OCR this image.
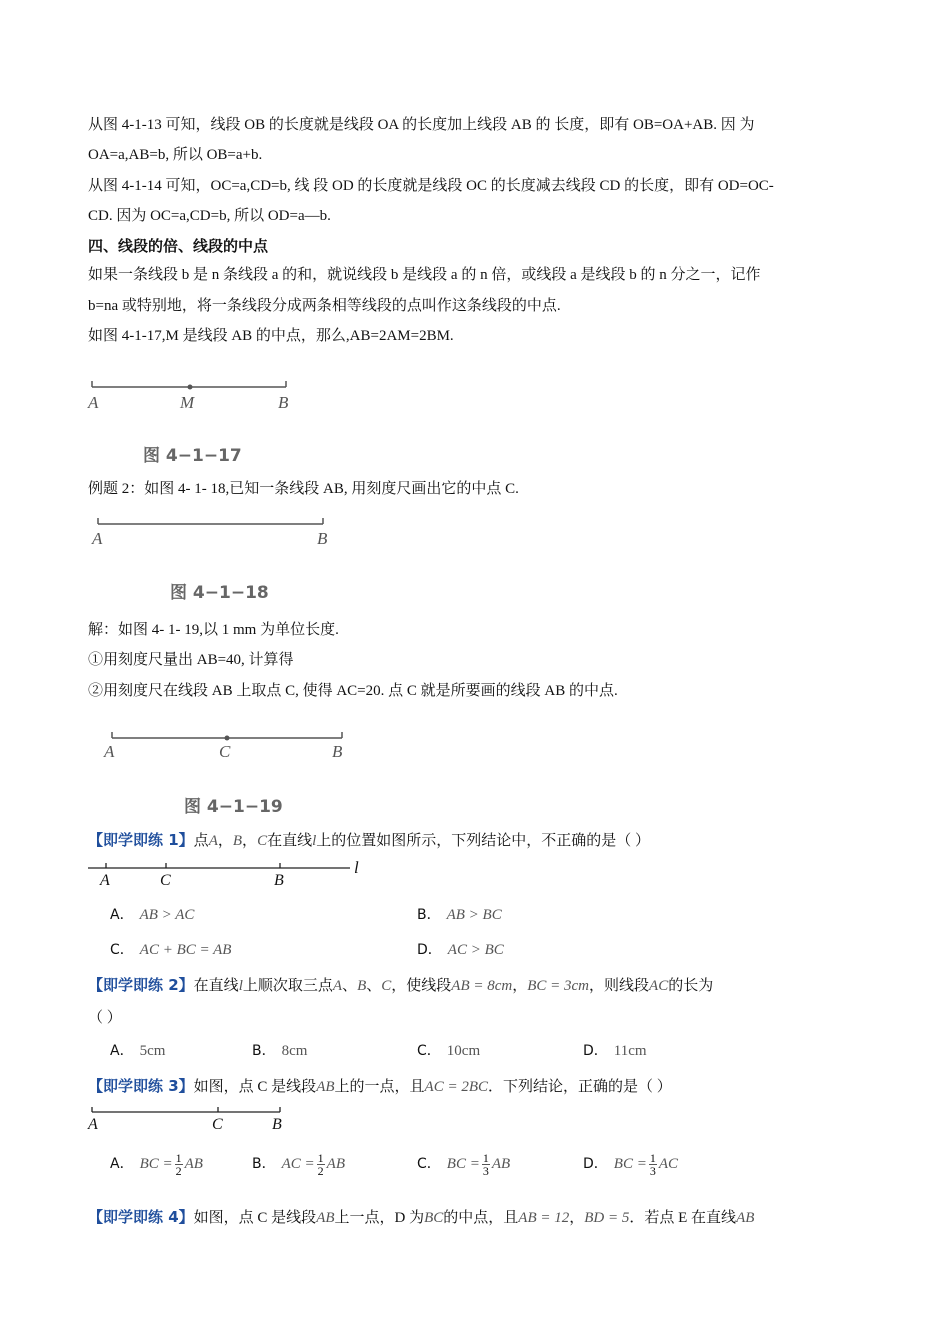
从图 4-1-13 可知，线段 OB 的长度就是线段 OA 的长度加上线段 AB 的 长度，即有 OB=OA+AB. 因 为
OA=a,AB=b, 所以 OB=a+b.
从图 4-1-14 可知，OC=a,CD=b, 线 段 OD 的长度就是线段 OC 的长度减去线段 CD 的长度，即有 OD=OC-
CD. 因为 OC=a,CD=b, 所以 OD=a—b.
四、线段的倍、线段的中点
如果一条线段 b 是 n 条线段 a 的和，就说线段 b 是线段 a 的 n 倍，或线段 a 是线段 b 的 n 分之一，记作
b=na 或特别地，将一条线段分成两条相等线段的点叫作这条线段的中点.
如图 4-1-17,M 是线段 AB 的中点，那么,AB=2AM=2BM.
A	M	B
图 4−1−17
例题 2：如图 4- 1- 18,已知一条线段 AB, 用刻度尺画出它的中点 C.
A	B
图 4−1−18
解：如图 4- 1- 19,以 1 mm 为单位长度.
①用刻度尺量出 AB=40, 计算得
②用刻度尺在线段 AB 上取点 C, 使得 AC=20. 点 C 就是所要画的线段 AB 的中点.
A	C	B
图 4−1−19
【即学即练 1】点A，B，C在直线l上的位置如图所示，下列结论中，不正确的是（ ）
A	C	B
l
A． AB > AC	B． AB > BC
C． AC + BC = AB	D． AC > BC
【即学即练 2】在直线l上顺次取三点A、B、C，使线段AB = 8cm，BC = 3cm，则线段AC的长为
（ ）
A． 5cm	B． 8cm	C． 10cm	D． 11cm
【即学即练 3】如图，点 C 是线段AB上的一点，且AC = 2BC．下列结论，正确的是（ ）
A	C	B
A． BC = $\frac{1}{2}$ AB	B． AC = $\frac{1}{2}$ AB	C． BC = $\frac{1}{3}$ AB	D． BC = $\frac{1}{3}$ AC
【即学即练 4】如图，点 C 是线段AB上一点，D 为BC的中点，且AB = 12，BD = 5．若点 E 在直线AB
